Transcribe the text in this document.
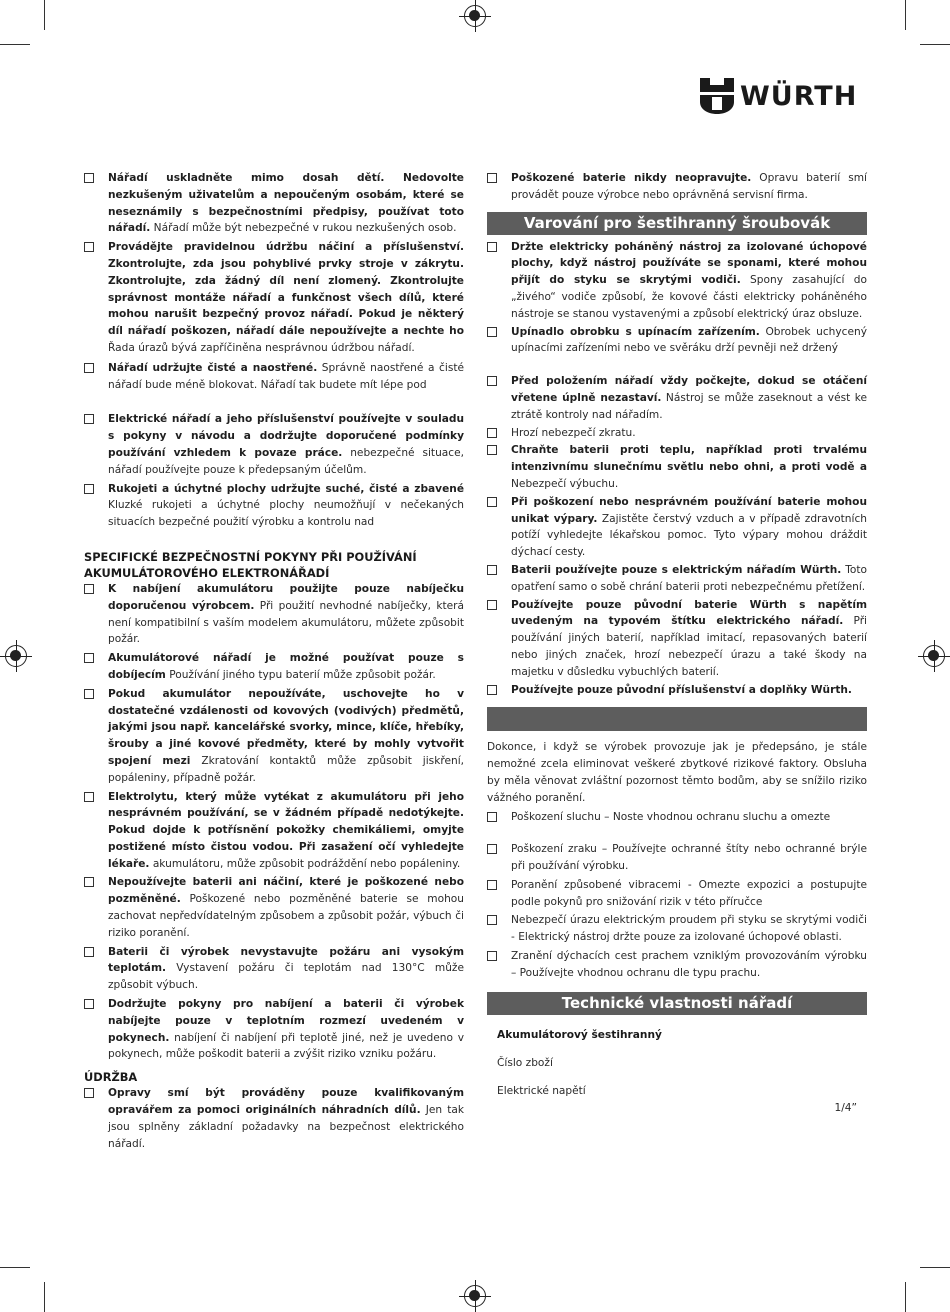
WÜRTH
Nářadí uskladněte mimo dosah dětí. Nedovolte nezkušeným uživatelům a nepoučeným osobám, které se neseznámily s bezpečnostními předpisy, používat toto nářadí. Nářadí může být nebezpečné v rukou nezkušených osob.
Provádějte pravidelnou údržbu náčiní a příslušenství. Zkontrolujte, zda jsou pohyblivé prvky stroje v zákrytu. Zkontrolujte, zda žádný díl není zlomený. Zkontrolujte správnost montáže nářadí a funkčnost všech dílů, které mohou narušit bezpečný provoz nářadí. Pokud je některý díl nářadí poškozen, nářadí dále nepoužívejte a nechte ho Řada úrazů bývá zapříčiněna nesprávnou údržbou nářadí.
Nářadí udržujte čisté a naostřené. Správně naostřené a čisté nářadí bude méně blokovat. Nářadí tak budete mít lépe pod
Elektrické nářadí a jeho příslušenství používejte v souladu s pokyny v návodu a dodržujte doporučené podmínky používání vzhledem k povaze práce. nebezpečné situace, nářadí používejte pouze k předepsaným účelům.
Rukojeti a úchytné plochy udržujte suché, čisté a zbavené Kluzké rukojeti a úchytné plochy neumožňují v nečekaných situacích bezpečné použití výrobku a kontrolu nad
SPECIFICKÉ BEZPEČNOSTNÍ POKYNY PŘI POUŽÍVÁNÍ AKUMULÁTOROVÉHO ELEKTRONÁŘADÍ
K nabíjení akumulátoru použijte pouze nabíječku doporučenou výrobcem. Při použití nevhodné nabíječky, která není kompatibilní s vaším modelem akumulátoru, můžete způsobit požár.
Akumulátorové nářadí je možné používat pouze s dobíjecím Používání jiného typu baterií může způsobit požár.
Pokud akumulátor nepoužíváte, uschovejte ho v dostatečné vzdálenosti od kovových (vodivých) předmětů, jakými jsou např. kancelářské svorky, mince, klíče, hřebíky, šrouby a jiné kovové předměty, které by mohly vytvořit spojení mezi Zkratování kontaktů může způsobit jiskření, popáleniny, případně požár.
Elektrolytu, který může vytékat z akumulátoru při jeho nesprávném používání, se v žádném případě nedotýkejte. Pokud dojde k potřísnění pokožky chemikáliemi, omyjte postižené místo čistou vodou. Při zasažení očí vyhledejte lékaře. akumulátoru, může způsobit podráždění nebo popáleniny.
Nepoužívejte baterii ani náčiní, které je poškozené nebo pozměněné. Poškozené nebo pozměněné baterie se mohou zachovat nepředvídatelným způsobem a způsobit požár, výbuch či riziko poranění.
Baterii či výrobek nevystavujte požáru ani vysokým teplotám. Vystavení požáru či teplotám nad 130°C může způsobit výbuch.
Dodržujte pokyny pro nabíjení a baterii či výrobek nabíjejte pouze v teplotním rozmezí uvedeném v pokynech. nabíjení či nabíjení při teplotě jiné, než je uvedeno v pokynech, může poškodit baterii a zvýšit riziko vzniku požáru.
ÚDRŽBA
Opravy smí být prováděny pouze kvalifikovaným opravářem za pomoci originálních náhradních dílů. Jen tak jsou splněny základní požadavky na bezpečnost elektrického nářadí.
Poškozené baterie nikdy neopravujte. Opravu baterií smí provádět pouze výrobce nebo oprávněná servisní firma.
Varování pro šestihranný šroubovák
Držte elektricky poháněný nástroj za izolované úchopové plochy, když nástroj používáte se sponami, které mohou přijít do styku se skrytými vodiči. Spony zasahující do „živého“ vodiče způsobí, že kovové části elektricky poháněného nástroje se stanou vystavenými a způsobí elektrický úraz obsluze.
Upínadlo obrobku s upínacím zařízením. Obrobek uchycený upínacími zařízeními nebo ve svěráku drží pevněji než držený
Před položením nářadí vždy počkejte, dokud se otáčení vřetene úplně nezastaví. Nástroj se může zaseknout a vést ke ztrátě kontroly nad nářadím.
Hrozí nebezpečí zkratu.
Chraňte baterii proti teplu, například proti trvalému intenzivnímu slunečnímu světlu nebo ohni, a proti vodě a Nebezpečí výbuchu.
Při poškození nebo nesprávném používání baterie mohou unikat výpary. Zajistěte čerstvý vzduch a v případě zdravotních potíží vyhledejte lékařskou pomoc. Tyto výpary mohou dráždit dýchací cesty.
Baterii používejte pouze s elektrickým nářadím Würth. Toto opatření samo o sobě chrání baterii proti nebezpečnému přetížení.
Používejte pouze původní baterie Würth s napětím uvedeným na typovém štítku elektrického nářadí. Při používání jiných baterií, například imitací, repasovaných baterií nebo jiných značek, hrozí nebezpečí úrazu a také škody na majetku v důsledku vybuchlých baterií.
Používejte pouze původní příslušenství a doplňky Würth.
Dokonce, i když se výrobek provozuje jak je předepsáno, je stále nemožné zcela eliminovat veškeré zbytkové rizikové faktory. Obsluha by měla věnovat zvláštní pozornost těmto bodům, aby se snížilo riziko vážného poranění.
Poškození sluchu – Noste vhodnou ochranu sluchu a omezte
Poškození zraku – Používejte ochranné štíty nebo ochranné brýle při používání výrobku.
Poranění způsobené vibracemi - Omezte expozici a postupujte podle pokynů pro snižování rizik v této příručce
Nebezpečí úrazu elektrickým proudem při styku se skrytými vodiči - Elektrický nástroj držte pouze za izolované úchopové oblasti.
Zranění dýchacích cest prachem vzniklým provozováním výrobku – Používejte vhodnou ochranu dle typu prachu.
Technické vlastnosti nářadí
Akumulátorový šestihranný
Číslo zboží
Elektrické napětí
1/4”
